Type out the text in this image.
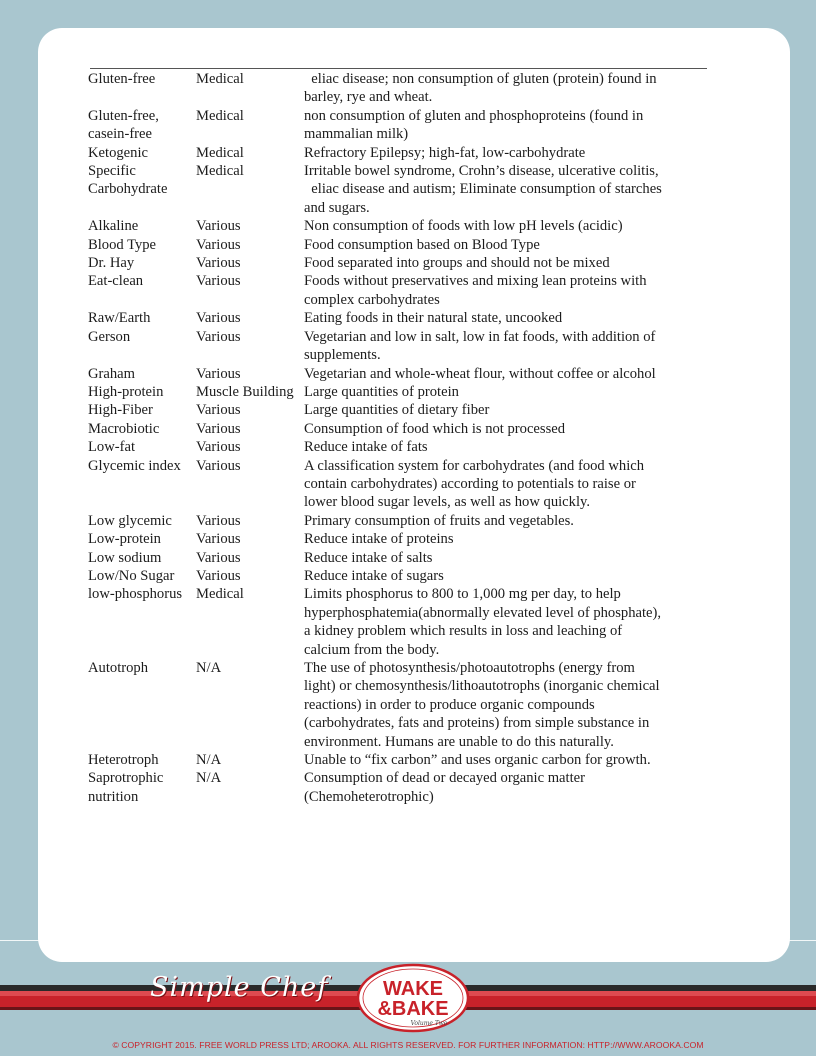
Gluten-free	Medical	eliac disease; non consumption of gluten (protein) found in barley, rye and wheat.
Gluten-free, casein-free	Medical	non consumption of gluten and phosphoproteins (found in mammalian milk)
Ketogenic	Medical	Refractory Epilepsy; high-fat, low-carbohydrate
Specific Carbohydrate	Medical	Irritable bowel syndrome, Crohn’s disease, ulcerative colitis,   eliac disease and autism; Eliminate consumption of starches and sugars.
Alkaline	Various	Non consumption of foods with low pH levels (acidic)
Blood Type	Various	Food consumption based on Blood Type
Dr. Hay	Various	Food separated into groups and should not be mixed
Eat-clean	Various	Foods without preservatives and mixing lean proteins with complex carbohydrates
Raw/Earth	Various	Eating foods in their natural state, uncooked
Gerson	Various	Vegetarian and low in salt, low in fat foods, with addition of supplements.
Graham	Various	Vegetarian and whole-wheat flour, without coffee or alcohol
High-protein	Muscle Building	Large quantities of protein
High-Fiber	Various	Large quantities of dietary fiber
Macrobiotic	Various	Consumption of food which is not processed
Low-fat	Various	Reduce intake of fats
Glycemic index	Various	A classification system for carbohydrates (and food which contain carbohydrates) according to potentials to raise or lower blood sugar levels, as well as how quickly.
Low glycemic	Various	Primary consumption of fruits and vegetables.
Low-protein	Various	Reduce intake of proteins
Low sodium	Various	Reduce intake of salts
Low/No Sugar	Various	Reduce intake of sugars
low-phosphorus	Medical	Limits phosphorus to 800 to 1,000 mg per day, to help hyperphosphatemia(abnormally elevated level of phosphate), a kidney problem which results in loss and leaching of calcium from the body.
Autotroph	N/A	The use of photosynthesis/photoautotrophs (energy from light) or chemosynthesis/lithoautotrophs (inorganic chemical reactions) in order to produce organic compounds (carbohydrates, fats and proteins) from simple substance in environment. Humans are unable to do this naturally.
Heterotroph	N/A	Unable to “fix carbon” and uses organic carbon for growth.
Saprotrophic nutrition	N/A	Consumption of dead or decayed organic matter (Chemoheterotrophic)
Simple Chef	WAKE
&BAKE
Volume Two
© COPYRIGHT 2015. FREE WORLD PRESS LTD; AROOKA. ALL RIGHTS RESERVED. FOR FURTHER INFORMATION: HTTP://WWW.AROOKA.COM
